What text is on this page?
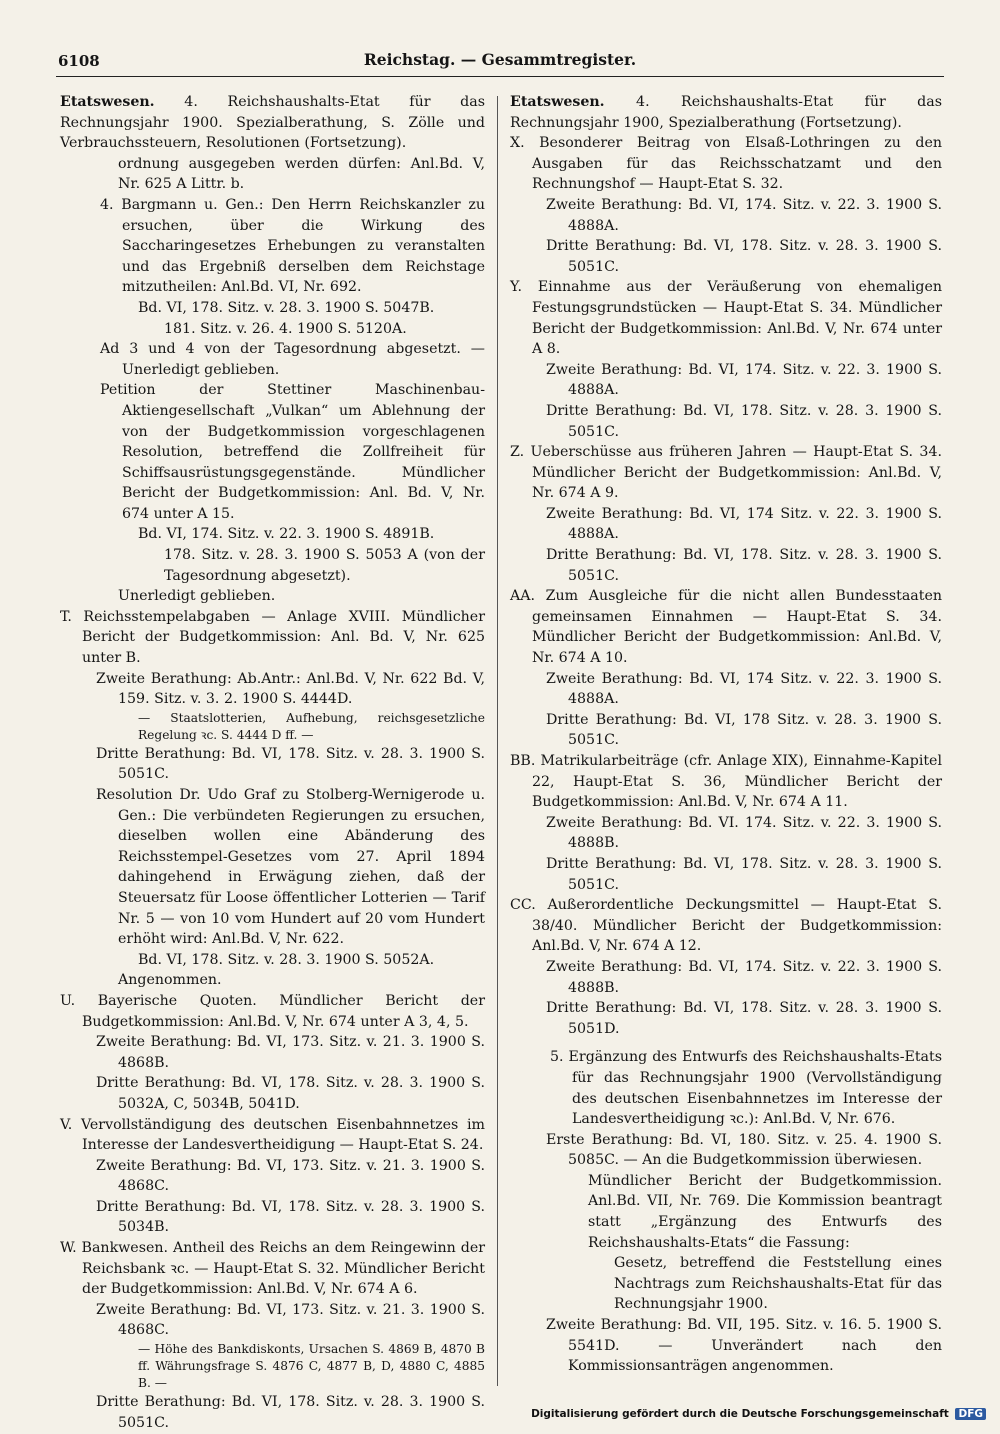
6108	Reichstag. — Gesammtregister.
Etatswesen. 4. Reichshaushalts-Etat für das Rechnungsjahr 1900. Spezialberathung, S. Zölle und Verbrauchssteuern, Resolutionen (Fortsetzung).
ordnung ausgegeben werden dürfen: Anl.Bd. V, Nr. 625 A Littr. b.
4. Bargmann u. Gen.: Den Herrn Reichskanzler zu ersuchen, über die Wirkung des Saccharingesetzes Erhebungen zu veranstalten und das Ergebniß derselben dem Reichstage mitzutheilen: Anl.Bd. VI, Nr. 692.
Bd. VI, 178. Sitz. v. 28. 3. 1900 S. 5047B.
181. Sitz. v. 26. 4. 1900 S. 5120A.
Ad 3 und 4 von der Tagesordnung abgesetzt. — Unerledigt geblieben.
Petition der Stettiner Maschinenbau-Aktiengesellschaft „Vulkan“ um Ablehnung der von der Budgetkommission vorgeschlagenen Resolution, betreffend die Zollfreiheit für Schiffsausrüstungsgegenstände. Mündlicher Bericht der Budgetkommission: Anl. Bd. V, Nr. 674 unter A 15.
Bd. VI, 174. Sitz. v. 22. 3. 1900 S. 4891B.
178. Sitz. v. 28. 3. 1900 S. 5053 A (von der Tagesordnung abgesetzt).
Unerledigt geblieben.
T. Reichsstempelabgaben — Anlage XVIII. Mündlicher Bericht der Budgetkommission: Anl. Bd. V, Nr. 625 unter B.
Zweite Berathung: Ab.Antr.: Anl.Bd. V, Nr. 622 Bd. V, 159. Sitz. v. 3. 2. 1900 S. 4444D.
— Staatslotterien, Aufhebung, reichsgesetzliche Regelung ꝛc. S. 4444 D ff. —
Dritte Berathung: Bd. VI, 178. Sitz. v. 28. 3. 1900 S. 5051C.
Resolution Dr. Udo Graf zu Stolberg-Wernigerode u. Gen.: Die verbündeten Regierungen zu ersuchen, dieselben wollen eine Abänderung des Reichsstempel-Gesetzes vom 27. April 1894 dahingehend in Erwägung ziehen, daß der Steuersatz für Loose öffentlicher Lotterien — Tarif Nr. 5 — von 10 vom Hundert auf 20 vom Hundert erhöht wird: Anl.Bd. V, Nr. 622.
Bd. VI, 178. Sitz. v. 28. 3. 1900 S. 5052A.
Angenommen.
U. Bayerische Quoten. Mündlicher Bericht der Budgetkommission: Anl.Bd. V, Nr. 674 unter A 3, 4, 5.
Zweite Berathung: Bd. VI, 173. Sitz. v. 21. 3. 1900 S. 4868B.
Dritte Berathung: Bd. VI, 178. Sitz. v. 28. 3. 1900 S. 5032A, C, 5034B, 5041D.
V. Vervollständigung des deutschen Eisenbahnnetzes im Interesse der Landesvertheidigung — Haupt-Etat S. 24.
Zweite Berathung: Bd. VI, 173. Sitz. v. 21. 3. 1900 S. 4868C.
Dritte Berathung: Bd. VI, 178. Sitz. v. 28. 3. 1900 S. 5034B.
W. Bankwesen. Antheil des Reichs an dem Reingewinn der Reichsbank ꝛc. — Haupt-Etat S. 32. Mündlicher Bericht der Budgetkommission: Anl.Bd. V, Nr. 674 A 6.
Zweite Berathung: Bd. VI, 173. Sitz. v. 21. 3. 1900 S. 4868C.
— Höhe des Bankdiskonts, Ursachen S. 4869 B, 4870 B ff. Währungsfrage S. 4876 C, 4877 B, D, 4880 C, 4885 B. —
Dritte Berathung: Bd. VI, 178. Sitz. v. 28. 3. 1900 S. 5051C.
Etatswesen. 4. Reichshaushalts-Etat für das Rechnungsjahr 1900, Spezialberathung (Fortsetzung).
X. Besonderer Beitrag von Elsaß-Lothringen zu den Ausgaben für das Reichsschatzamt und den Rechnungshof — Haupt-Etat S. 32.
Zweite Berathung: Bd. VI, 174. Sitz. v. 22. 3. 1900 S. 4888A.
Dritte Berathung: Bd. VI, 178. Sitz. v. 28. 3. 1900 S. 5051C.
Y. Einnahme aus der Veräußerung von ehemaligen Festungsgrundstücken — Haupt-Etat S. 34. Mündlicher Bericht der Budgetkommission: Anl.Bd. V, Nr. 674 unter A 8.
Zweite Berathung: Bd. VI, 174. Sitz. v. 22. 3. 1900 S. 4888A.
Dritte Berathung: Bd. VI, 178. Sitz. v. 28. 3. 1900 S. 5051C.
Z. Ueberschüsse aus früheren Jahren — Haupt-Etat S. 34. Mündlicher Bericht der Budgetkommission: Anl.Bd. V, Nr. 674 A 9.
Zweite Berathung: Bd. VI, 174 Sitz. v. 22. 3. 1900 S. 4888A.
Dritte Berathung: Bd. VI, 178. Sitz. v. 28. 3. 1900 S. 5051C.
AA. Zum Ausgleiche für die nicht allen Bundesstaaten gemeinsamen Einnahmen — Haupt-Etat S. 34. Mündlicher Bericht der Budgetkommission: Anl.Bd. V, Nr. 674 A 10.
Zweite Berathung: Bd. VI, 174 Sitz. v. 22. 3. 1900 S. 4888A.
Dritte Berathung: Bd. VI, 178 Sitz. v. 28. 3. 1900 S. 5051C.
BB. Matrikularbeiträge (cfr. Anlage XIX), Einnahme-Kapitel 22, Haupt-Etat S. 36, Mündlicher Bericht der Budgetkommission: Anl.Bd. V, Nr. 674 A 11.
Zweite Berathung: Bd. VI. 174. Sitz. v. 22. 3. 1900 S. 4888B.
Dritte Berathung: Bd. VI, 178. Sitz. v. 28. 3. 1900 S. 5051C.
CC. Außerordentliche Deckungsmittel — Haupt-Etat S. 38/40. Mündlicher Bericht der Budgetkommission: Anl.Bd. V, Nr. 674 A 12.
Zweite Berathung: Bd. VI, 174. Sitz. v. 22. 3. 1900 S. 4888B.
Dritte Berathung: Bd. VI, 178. Sitz. v. 28. 3. 1900 S. 5051D.
5. Ergänzung des Entwurfs des Reichshaushalts-Etats für das Rechnungsjahr 1900 (Vervollständigung des deutschen Eisenbahnnetzes im Interesse der Landesvertheidigung ꝛc.): Anl.Bd. V, Nr. 676.
Erste Berathung: Bd. VI, 180. Sitz. v. 25. 4. 1900 S. 5085C. — An die Budgetkommission überwiesen.
Mündlicher Bericht der Budgetkommission. Anl.Bd. VII, Nr. 769. Die Kommission beantragt statt „Ergänzung des Entwurfs des Reichshaushalts-Etats“ die Fassung:
Gesetz, betreffend die Feststellung eines Nachtrags zum Reichshaushalts-Etat für das Rechnungsjahr 1900.
Zweite Berathung: Bd. VII, 195. Sitz. v. 16. 5. 1900 S. 5541D. — Unverändert nach den Kommissionsanträgen angenommen.
Digitalisierung gefördert durch die Deutsche Forschungsgemeinschaft DFG
